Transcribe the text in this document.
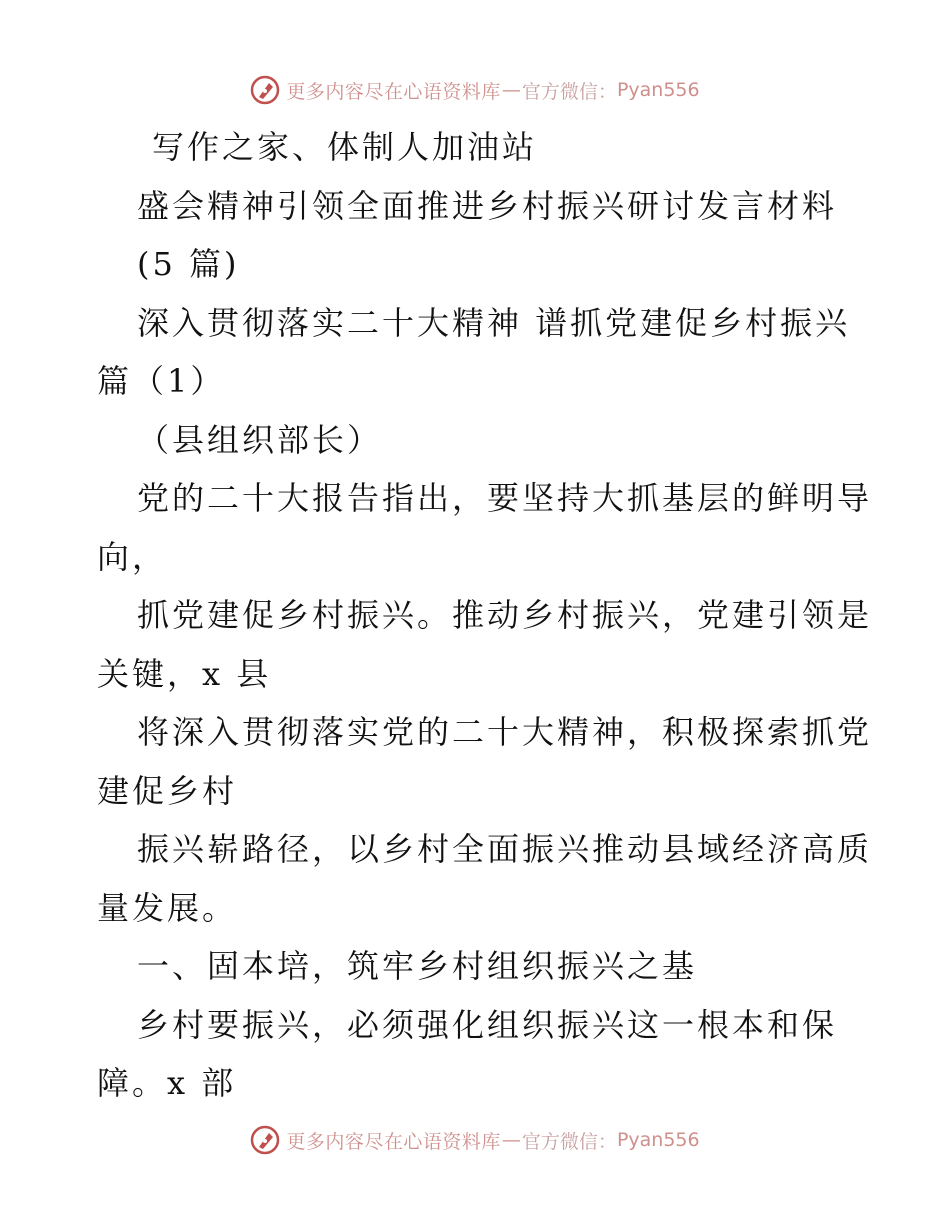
更多内容尽在心语资料库 — 官方微信： Pyan556
写作之家、体制人加油站
盛会精神引领全面推进乡村振兴研讨发言材料
(5 篇)
深入贯彻落实二十大精神 谱抓党建促乡村振兴
篇（1）
（县组织部长）
党的二十大报告指出，要坚持大抓基层的鲜明导
向，
抓党建促乡村振兴。推动乡村振兴，党建引领是
关键，x 县
将深入贯彻落实党的二十大精神，积极探索抓党
建促乡村
振兴崭路径，以乡村全面振兴推动县域经济高质
量发展。
一、固本培，筑牢乡村组织振兴之基
乡村要振兴，必须强化组织振兴这一根本和保
障。x 部
更多内容尽在心语资料库 — 官方微信： Pyan556
